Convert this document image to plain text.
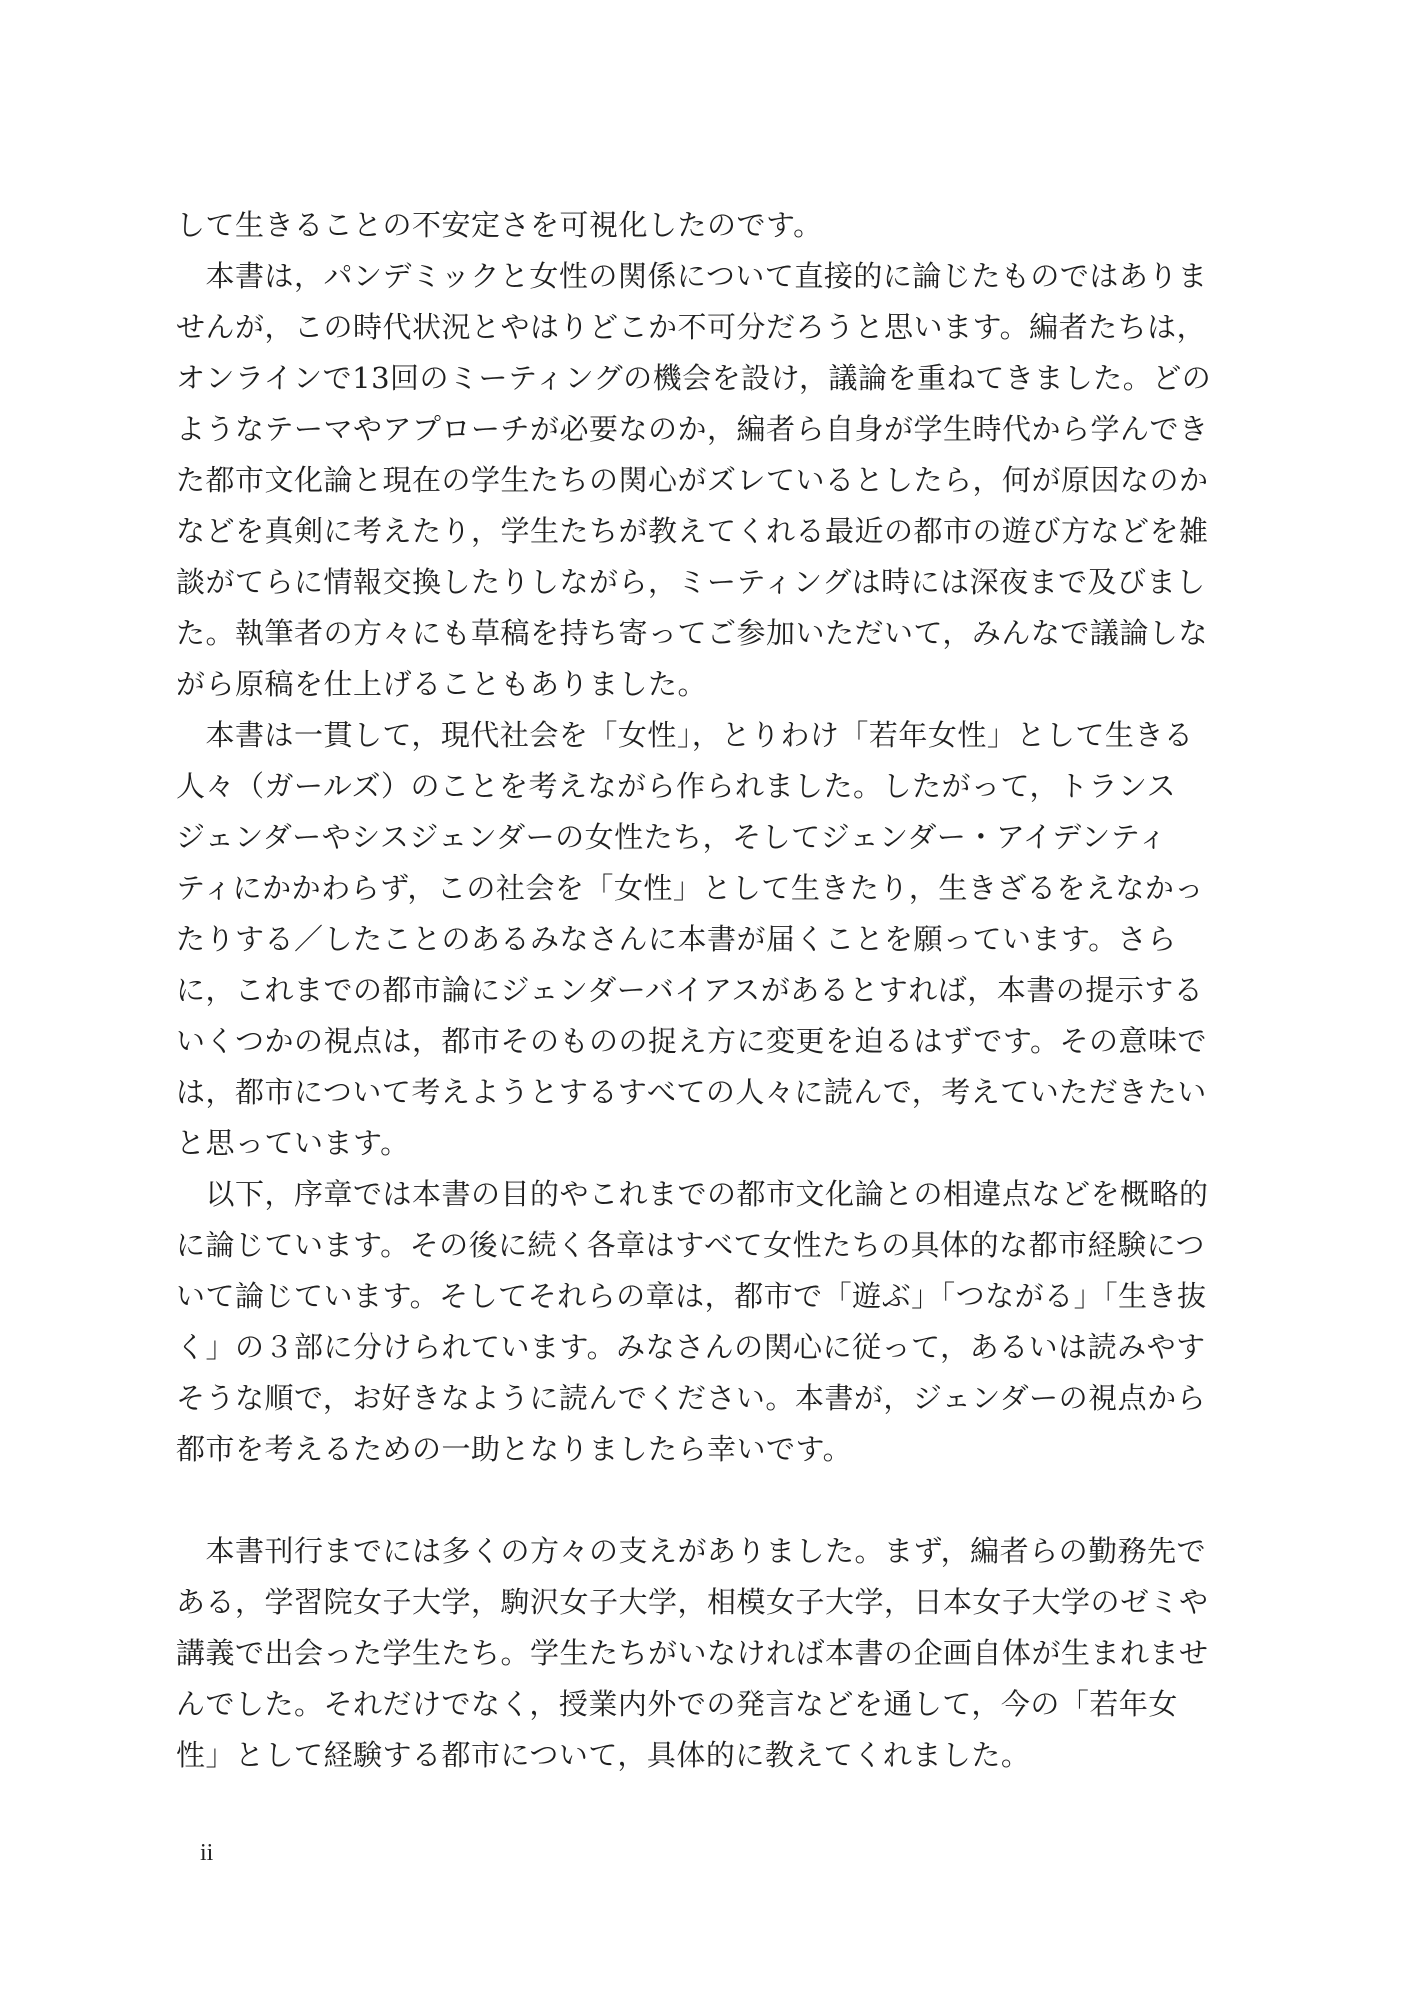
して生きることの不安定さを可視化したのです。
　本書は，パンデミックと女性の関係について直接的に論じたものではありま
せんが，この時代状況とやはりどこか不可分だろうと思います。編者たちは，
オンラインで13回のミーティングの機会を設け，議論を重ねてきました。どの
ようなテーマやアプローチが必要なのか，編者ら自身が学生時代から学んでき
た都市文化論と現在の学生たちの関心がズレているとしたら，何が原因なのか
などを真剣に考えたり，学生たちが教えてくれる最近の都市の遊び方などを雑
談がてらに情報交換したりしながら，ミーティングは時には深夜まで及びまし
た。執筆者の方々にも草稿を持ち寄ってご参加いただいて，みんなで議論しな
がら原稿を仕上げることもありました。
　本書は一貫して，現代社会を「女性」，とりわけ「若年女性」として生きる
人々（ガールズ）のことを考えながら作られました。したがって，トランス
ジェンダーやシスジェンダーの女性たち，そしてジェンダー・アイデンティ
ティにかかわらず，この社会を「女性」として生きたり，生きざるをえなかっ
たりする／したことのあるみなさんに本書が届くことを願っています。さら
に，これまでの都市論にジェンダーバイアスがあるとすれば，本書の提示する
いくつかの視点は，都市そのものの捉え方に変更を迫るはずです。その意味で
は，都市について考えようとするすべての人々に読んで，考えていただきたい
と思っています。
　以下，序章では本書の目的やこれまでの都市文化論との相違点などを概略的
に論じています。その後に続く各章はすべて女性たちの具体的な都市経験につ
いて論じています。そしてそれらの章は，都市で「遊ぶ」「つながる」「生き抜
く」の３部に分けられています。みなさんの関心に従って，あるいは読みやす
そうな順で，お好きなように読んでください。本書が，ジェンダーの視点から
都市を考えるための一助となりましたら幸いです。
　本書刊行までには多くの方々の支えがありました。まず，編者らの勤務先で
ある，学習院女子大学，駒沢女子大学，相模女子大学，日本女子大学のゼミや
講義で出会った学生たち。学生たちがいなければ本書の企画自体が生まれませ
んでした。それだけでなく，授業内外での発言などを通して，今の「若年女
性」として経験する都市について，具体的に教えてくれました。
ii
